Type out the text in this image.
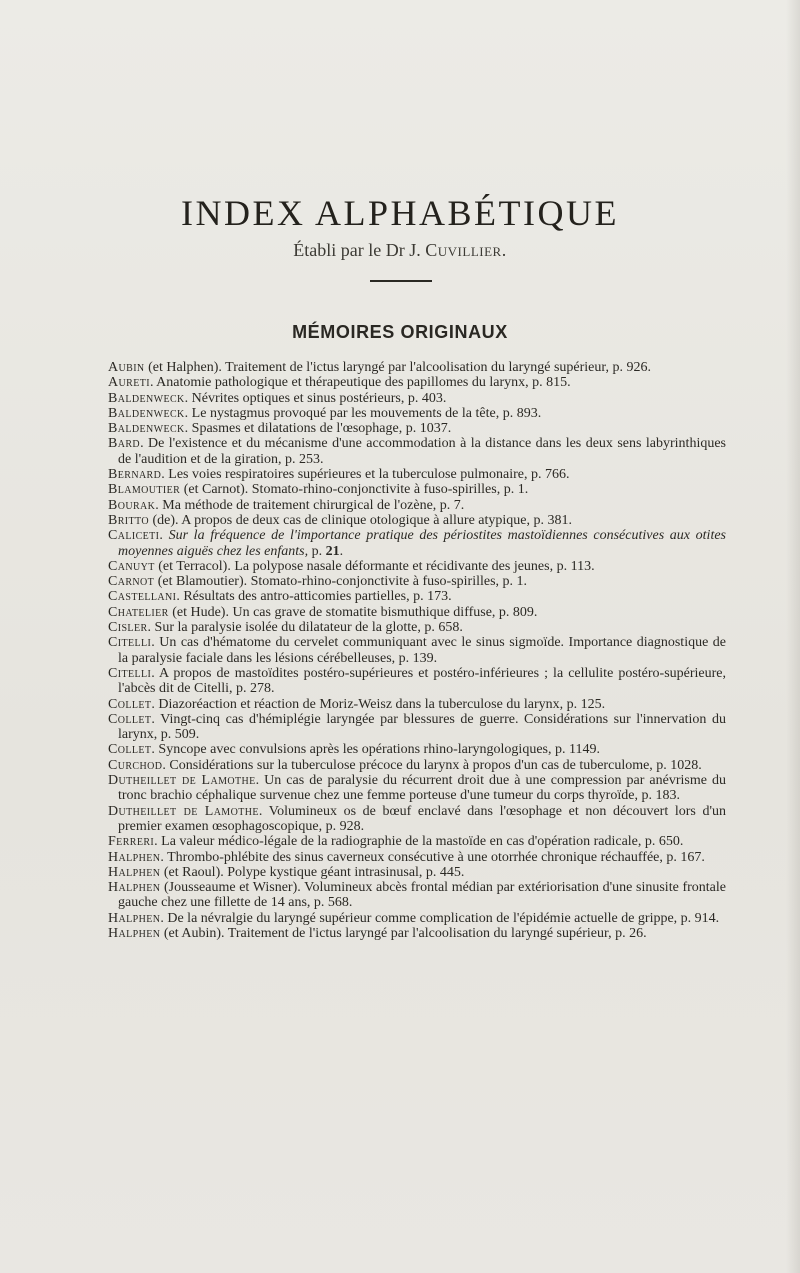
INDEX ALPHABÉTIQUE
Établi par le Dr J. Cuvillier.
MÉMOIRES ORIGINAUX

Aubin (et Halphen). Traitement de l'ictus laryngé par l'alcoolisation du laryngé supérieur, p. 926.

Aureti. Anatomie pathologique et thérapeutique des papillomes du larynx, p. 815.

Baldenweck. Névrites optiques et sinus postérieurs, p. 403.

Baldenweck. Le nystagmus provoqué par les mouvements de la tête, p. 893.

Baldenweck. Spasmes et dilatations de l'œsophage, p. 1037.

Bard. De l'existence et du mécanisme d'une accommodation à la distance dans les deux sens labyrinthiques de l'audition et de la giration, p. 253.

Bernard. Les voies respiratoires supérieures et la tuberculose pulmonaire, p. 766.

Blamoutier (et Carnot). Stomato-rhino-conjonctivite à fuso-spirilles, p. 1.

Bourak. Ma méthode de traitement chirurgical de l'ozène, p. 7.

Britto (de). A propos de deux cas de clinique otologique à allure atypique, p. 381.

Caliceti. Sur la fréquence de l'importance pratique des périostites mastoïdiennes consécutives aux otites moyennes aiguës chez les enfants, p. 21.

Canuyt (et Terracol). La polypose nasale déformante et récidivante des jeunes, p. 113.

Carnot (et Blamoutier). Stomato-rhino-conjonctivite à fuso-spirilles, p. 1.

Castellani. Résultats des antro-atticomies partielles, p. 173.

Chatelier (et Hude). Un cas grave de stomatite bismuthique diffuse, p. 809.

Cisler. Sur la paralysie isolée du dilatateur de la glotte, p. 658.

Citelli. Un cas d'hématome du cervelet communiquant avec le sinus sigmoïde. Importance diagnostique de la paralysie faciale dans les lésions cérébelleuses, p. 139.

Citelli. A propos de mastoïdites postéro-supérieures et postéro-inférieures ; la cellulite postéro-supérieure, l'abcès dit de Citelli, p. 278.

Collet. Diazoréaction et réaction de Moriz-Weisz dans la tuberculose du larynx, p. 125.

Collet. Vingt-cinq cas d'hémiplégie laryngée par blessures de guerre. Considérations sur l'innervation du larynx, p. 509.

Collet. Syncope avec convulsions après les opérations rhino-laryngologiques, p. 1149.

Curchod. Considérations sur la tuberculose précoce du larynx à propos d'un cas de tuberculome, p. 1028.

Dutheillet de Lamothe. Un cas de paralysie du récurrent droit due à une compression par anévrisme du tronc brachio céphalique survenue chez une femme porteuse d'une tumeur du corps thyroïde, p. 183.

Dutheillet de Lamothe. Volumineux os de bœuf enclavé dans l'œsophage et non découvert lors d'un premier examen œsophagoscopique, p. 928.

Ferreri. La valeur médico-légale de la radiographie de la mastoïde en cas d'opération radicale, p. 650.

Halphen. Thrombo-phlébite des sinus caverneux consécutive à une otorrhée chronique réchauffée, p. 167.

Halphen (et Raoul). Polype kystique géant intrasinusal, p. 445.

Halphen (Jousseaume et Wisner). Volumineux abcès frontal médian par extériorisation d'une sinusite frontale gauche chez une fillette de 14 ans, p. 568.

Halphen. De la névralgie du laryngé supérieur comme complication de l'épidémie actuelle de grippe, p. 914.

Halphen (et Aubin). Traitement de l'ictus laryngé par l'alcoolisation du laryngé supérieur, p. 26.
